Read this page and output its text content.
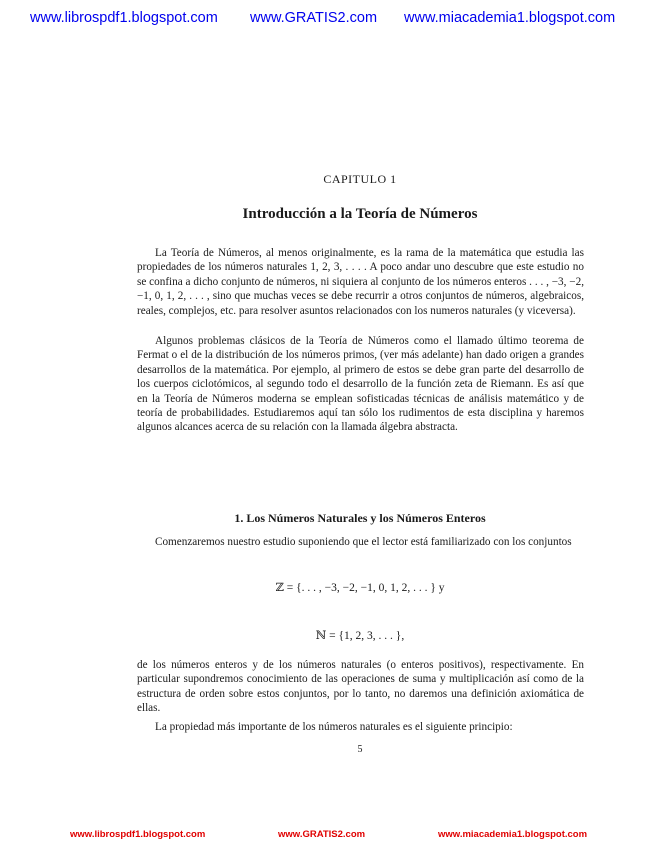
www.librospdf1.blogspot.com www.GRATIS2.com www.miacademia1.blogspot.com
CAPITULO 1
Introducción a la Teoría de Números

La Teoría de Números, al menos originalmente, es la rama de la matemática que estudia las propiedades de los números naturales 1, 2, 3, . . . . A poco andar uno descubre que este estudio no se confina a dicho conjunto de números, ni siquiera al conjunto de los números enteros . . . , −3, −2, −1, 0, 1, 2, . . . , sino que muchas veces se debe recurrir a otros conjuntos de números, algebraicos, reales, complejos, etc. para resolver asuntos relacionados con los numeros naturales (y viceversa).

Algunos problemas clásicos de la Teoría de Números como el llamado último teorema de Fermat o el de la distribución de los números primos, (ver más adelante) han dado origen a grandes desarrollos de la matemática. Por ejemplo, al primero de estos se debe gran parte del desarrollo de los cuerpos ciclotómicos, al segundo todo el desarrollo de la función zeta de Riemann. Es así que en la Teoría de Números moderna se emplean sofisticadas técnicas de análisis matemático y de teoría de probabilidades. Estudiaremos aquí tan sólo los rudimentos de esta disciplina y haremos algunos alcances acerca de su relación con la llamada álgebra abstracta.

1. Los Números Naturales y los Números Enteros

Comenzaremos nuestro estudio suponiendo que el lector está familiarizado con los conjuntos

ℤ = {. . . , −3, −2, −1, 0, 1, 2, . . . } y
ℕ = {1, 2, 3, . . . },

de los números enteros y de los números naturales (o enteros positivos), respectivamente. En particular supondremos conocimiento de las operaciones de suma y multiplicación así como de la estructura de orden sobre estos conjuntos, por lo tanto, no daremos una definición axiomática de ellas.

La propiedad más importante de los números naturales es el siguiente principio:

5
www.librospdf1.blogspot.com	www.GRATIS2.com	www.miacademia1.blogspot.com
